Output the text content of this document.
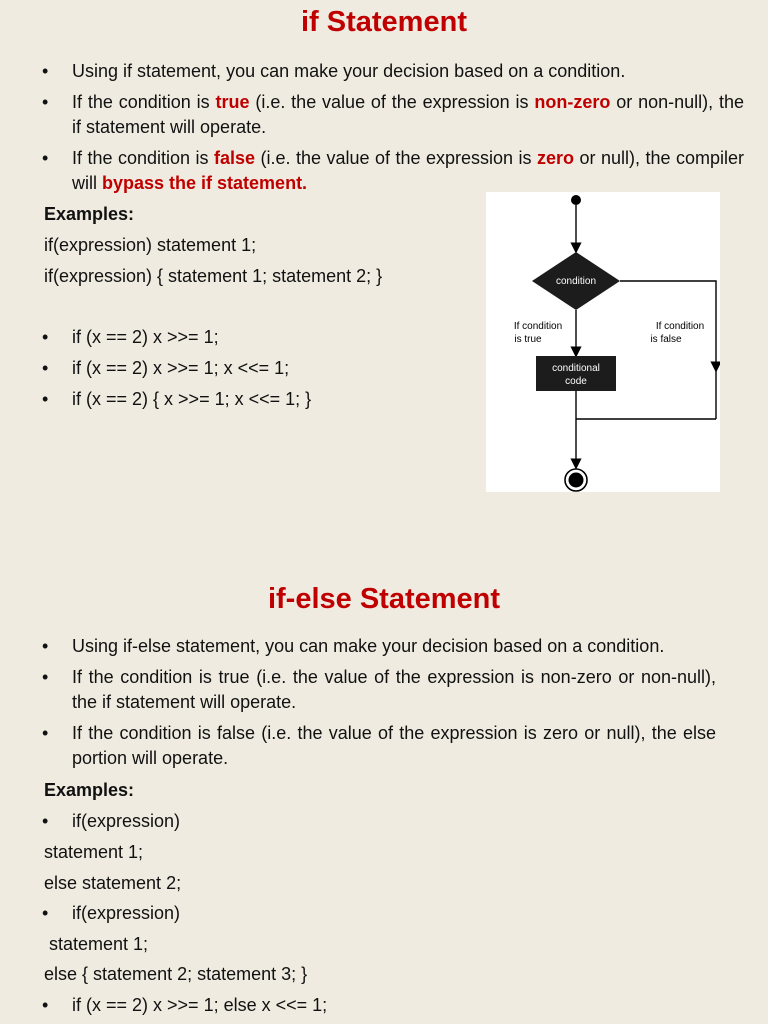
if Statement
• Using if statement, you can make your decision based on a condition.
• If the condition is true (i.e. the value of the expression is non-zero or non-null), the if statement will operate.
• If the condition is false (i.e. the value of the expression is zero or null), the compiler will bypass the if statement.

Examples:

if(expression) statement 1;

if(expression) { statement 1; statement 2; }

• if (x == 2) x >>= 1;
• if (x == 2) x >>= 1; x <<= 1;
• if (x == 2) { x >>= 1; x <<= 1; }
condition
If condition
is true
conditional
code
If condition
is false
if-else Statement
• Using if-else statement, you can make your decision based on a condition.
• If the condition is true (i.e. the value of the expression is non-zero or non-null), the if statement will operate.
• If the condition is false (i.e. the value of the expression is zero or null), the else portion will operate.

Examples:

• if(expression)

statement 1;

else statement 2;

• if(expression)

statement 1;

else { statement 2; statement 3; }

• if (x == 2) x >>= 1; else x <<= 1;
